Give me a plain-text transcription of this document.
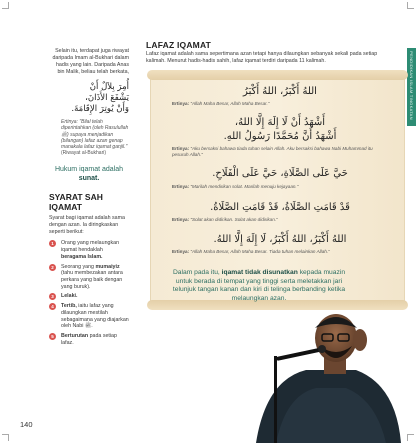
PENDIDIKAN ISLAM TINGKATAN

Selain itu, terdapat juga riwayat daripada Imam al-Bukhari dalam hadis yang lain. Daripada Anas bin Malik, beliau telah berkata,

أُمِرَ بِلاَلٌ أَنْ
يَشْفَعَ الأَذَانَ،
وَأَنْ يُوتِرَ الإِقَامَةَ.
Ertinya: "Bilal telah diperintahkan (oleh Rasulullah ﷺ) supaya menjadikan (bilangan) lafaz azan genap manakala lafaz iqamat ganjil."
(Riwayat al-Bukhari)
Hukum iqamat adalah
sunat.
SYARAT SAH
IQAMAT
Syarat bagi iqamat adalah sama dengan azan. Ia diringkaskan seperti berikut:
1	Orang yang melaungkan iqamat hendaklah beragama Islam.
2	Seorang yang mumaiyiz (tahu membezakan antara perkara yang baik dengan yang buruk).
3	Lelaki.
4	Tertib, iaitu lafaz yang dilaungkan mestilah sebagaimana yang diajarkan oleh Nabi ﷺ.
5	Berturutan pada setiap lafaz.
LAFAZ IQAMAT
Lafaz iqamat adalah sama sepertimana azan tetapi hanya dilaungkan sebanyak sekali pada setiap kalimah. Menurut hadis-hadis sahih, lafaz iqamat terdiri daripada 11 kalimah.
اللهُ أَكْبَرُ، اللهُ أَكْبَرُ
Ertinya: "Allah Maha Besar, Allah Maha Besar."
أَشْهَدُ أَنْ لَا إِلَهَ إِلَّا اللهُ،
أَشْهَدُ أَنَّ مُحَمَّدًا رَسُولُ اللهِ.
Ertinya: "Aku bersaksi bahawa tiada tuhan selain Allah. Aku bersaksi bahawa Nabi Muhammad itu pesuruh Allah."
حَيَّ عَلَى الصَّلَاةِ، حَيَّ عَلَى الْفَلَاحِ.
Ertinya: "Marilah mendirikan solat. Marilah menuju kejayaan."
قَدْ قَامَتِ الصَّلَاةُ، قَدْ قَامَتِ الصَّلَاةُ.
Ertinya: "Solat akan didirikan. Solat akan didirikan."
اللهُ أَكْبَرُ، اللهُ أَكْبَرُ، لَا إِلَهَ إِلَّا اللهُ.
Ertinya: "Allah Maha Besar, Allah Maha Besar. Tiada tuhan melainkan Allah."
Dalam pada itu, iqamat tidak disunatkan kepada muazin untuk berada di tempat yang tinggi serta meletakkan jari telunjuk tangan kanan dan kiri di telinga berbanding ketika melaungkan azan.
140
